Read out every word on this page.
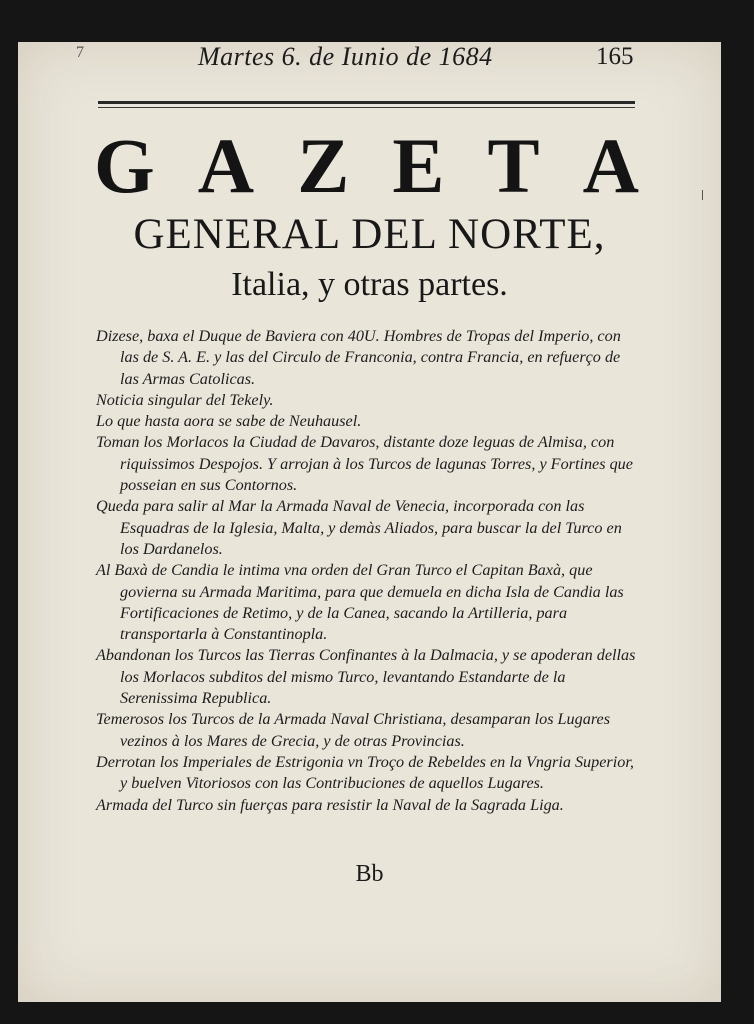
7	Martes 6. de Iunio de 1684	165
G A Z E T A
GENERAL DEL NORTE,
Italia, y otras partes.
Dizese, baxa el Duque de Baviera con 40U. Hombres de Tropas del Imperio, con las de S. A. E. y las del Circulo de Franconia, contra Francia, en refuerço de las Armas Catolicas.
Noticia singular del Tekely.
Lo que hasta aora se sabe de Neuhausel.
Toman los Morlacos la Ciudad de Davaros, distante doze leguas de Almisa, con riquissimos Despojos. Y arrojan à los Turcos de lagunas Torres, y Fortines que posseian en sus Contornos.
Queda para salir al Mar la Armada Naval de Venecia, incorporada con las Esquadras de la Iglesia, Malta, y demàs Aliados, para buscar la del Turco en los Dardanelos.
Al Baxà de Candia le intima vna orden del Gran Turco el Capitan Baxà, que govierna su Armada Maritima, para que demuela en dicha Isla de Candia las Fortificaciones de Retimo, y de la Canea, sacando la Artilleria, para transportarla à Constantinopla.
Abandonan los Turcos las Tierras Confinantes à la Dalmacia, y se apoderan dellas los Morlacos subditos del mismo Turco, levantando Estandarte de la Serenissima Republica.
Temerosos los Turcos de la Armada Naval Christiana, desamparan los Lugares vezinos à los Mares de Grecia, y de otras Provincias.
Derrotan los Imperiales de Estrigonia vn Troço de Rebeldes en la Vngria Superior, y buelven Vitoriosos con las Contribuciones de aquellos Lugares.
Armada del Turco sin fuerças para resistir la Naval de la Sagrada Liga.
Bb
